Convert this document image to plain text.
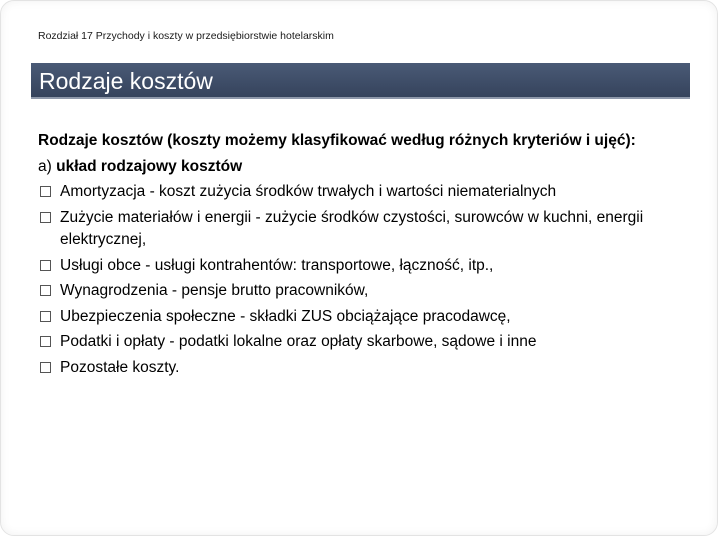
Rozdział 17 Przychody i koszty w przedsiębiorstwie hotelarskim
Rodzaje kosztów

Rodzaje kosztów (koszty możemy klasyfikować według różnych kryteriów i ujęć):

a) układ rodzajowy kosztów

Amortyzacja - koszt zużycia środków trwałych i wartości niematerialnych
Zużycie materiałów i energii - zużycie środków czystości, surowców w kuchni, energii elektrycznej,
Usługi obce - usługi kontrahentów: transportowe, łączność, itp.,
Wynagrodzenia - pensje brutto pracowników,
Ubezpieczenia społeczne - składki ZUS obciążające pracodawcę,
Podatki i opłaty - podatki lokalne oraz opłaty skarbowe, sądowe i inne
Pozostałe koszty.
